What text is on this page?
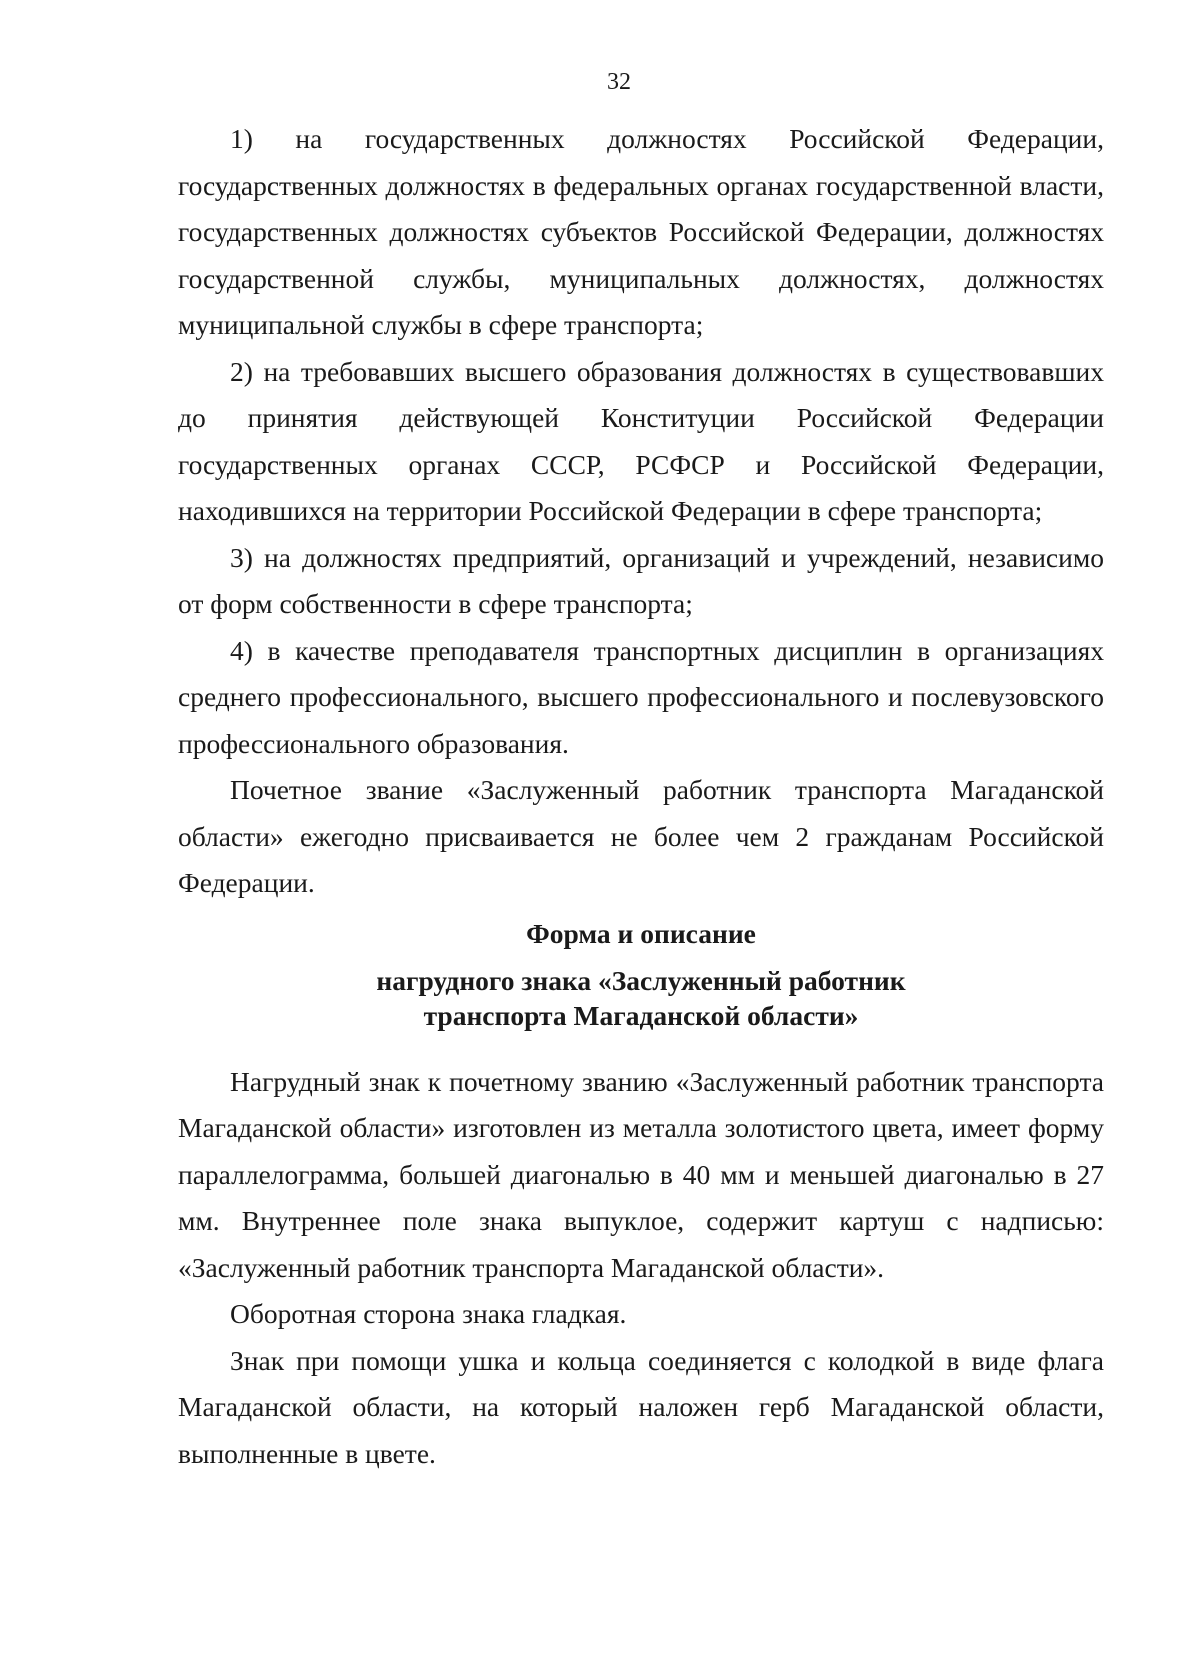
32

1) на государственных должностях Российской Федерации, государственных должностях в федеральных органах государственной власти, государственных должностях субъектов Российской Федерации, должностях государственной службы, муниципальных должностях, должностях муниципальной службы в сфере транспорта;

2) на требовавших высшего образования должностях в существовавших до принятия действующей Конституции Российской Федерации государственных органах СССР, РСФСР и Российской Федерации, находившихся на территории Российской Федерации в сфере транспорта;

3) на должностях предприятий, организаций и учреждений, независимо от форм собственности в сфере транспорта;

4) в качестве преподавателя транспортных дисциплин в организациях среднего профессионального, высшего профессионального и послевузовского профессионального образования.

Почетное звание «Заслуженный работник транспорта Магаданской области» ежегодно присваивается не более чем 2 гражданам Российской Федерации.

Форма и описание
нагрудного знака «Заслуженный работник
транспорта Магаданской области»

Нагрудный знак к почетному званию «Заслуженный работник транспорта Магаданской области» изготовлен из металла золотистого цвета, имеет форму параллелограмма, большей диагональю в 40 мм и меньшей диагональю в 27 мм. Внутреннее поле знака выпуклое, содержит картуш с надписью: «Заслуженный работник транспорта Магаданской области».

Оборотная сторона знака гладкая.

Знак при помощи ушка и кольца соединяется с колодкой в виде флага Магаданской области, на который наложен герб Магаданской области, выполненные в цвете.
